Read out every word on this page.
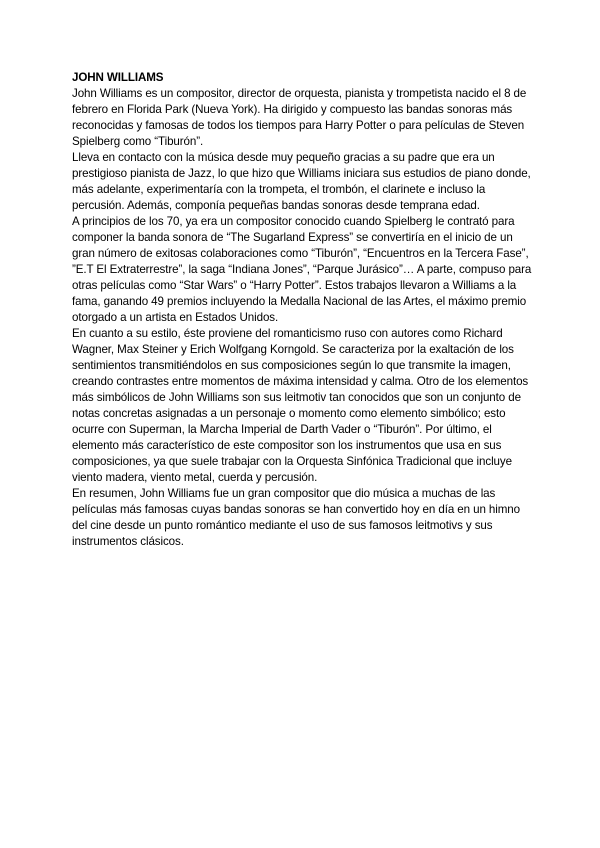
JOHN WILLIAMS

John Williams es un compositor, director de orquesta, pianista y trompetista nacido el 8 de febrero en Florida Park (Nueva York). Ha dirigido y compuesto las bandas sonoras más reconocidas y famosas de todos los tiempos para Harry Potter o para películas de Steven Spielberg como “Tiburón”.

Lleva en contacto con la música desde muy pequeño gracias a su padre que era un prestigioso pianista de Jazz, lo que hizo que Williams iniciara sus estudios de piano donde, más adelante, experimentaría con la trompeta, el trombón, el clarinete e incluso la percusión. Además, componía pequeñas bandas sonoras desde temprana edad.

A principios de los 70, ya era un compositor conocido cuando Spielberg le contrató para componer la banda sonora de “The Sugarland Express” se convertiría en el inicio de un gran número de exitosas colaboraciones como “Tiburón”, “Encuentros en la Tercera Fase”, ”E.T El Extraterrestre”, la saga “Indiana Jones”, “Parque Jurásico”… A parte, compuso para otras películas como “Star Wars” o “Harry Potter”. Estos trabajos llevaron a Williams a la fama, ganando 49 premios incluyendo la Medalla Nacional de las Artes, el máximo premio otorgado a un artista en Estados Unidos.

En cuanto a su estilo, éste proviene del romanticismo ruso con autores como Richard Wagner, Max Steiner y Erich Wolfgang Korngold. Se caracteriza por la exaltación de los sentimientos transmitiéndolos en sus composiciones según lo que transmite la imagen, creando contrastes entre momentos de máxima intensidad y calma. Otro de los elementos más simbólicos de John Williams son sus leitmotiv tan conocidos que son un conjunto de notas concretas asignadas a un personaje o momento como elemento simbólico; esto ocurre con Superman, la Marcha Imperial de Darth Vader o “Tiburón”. Por último, el elemento más característico de este compositor son los instrumentos que usa en sus composiciones, ya que suele trabajar con la Orquesta Sinfónica Tradicional que incluye viento madera, viento metal, cuerda y percusión.

En resumen, John Williams fue un gran compositor que dio música a muchas de las películas más famosas cuyas bandas sonoras se han convertido hoy en día en un himno del cine desde un punto romántico mediante el uso de sus famosos leitmotivs y sus instrumentos clásicos.
